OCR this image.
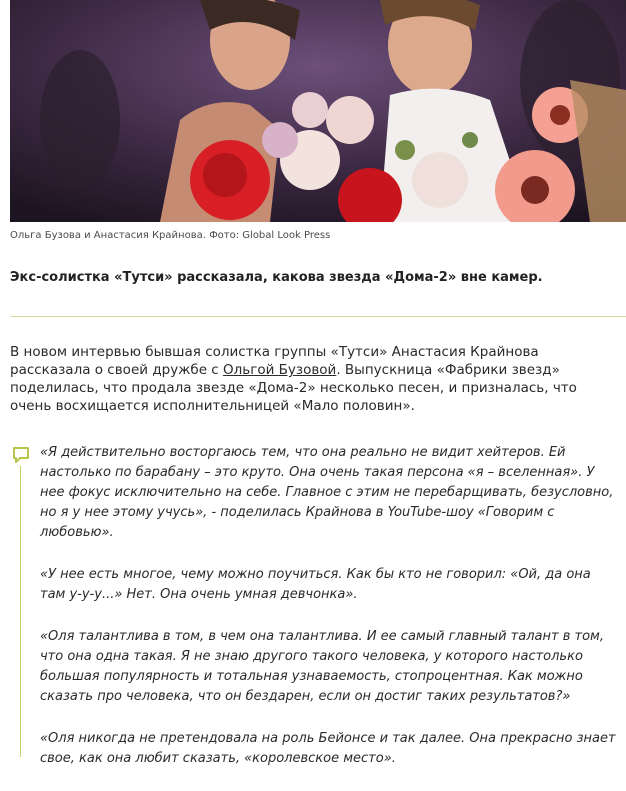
Ольга Бузова и Анастасия Крайнова. Фото: Global Look Press
Экс-солистка «Тутси» рассказала, какова звезда «Дома-2» вне камер.
В новом интервью бывшая солистка группы «Тутси» Анастасия Крайнова рассказала о своей дружбе с Ольгой Бузовой. Выпускница «Фабрики звезд» поделилась, что продала звезде «Дома-2» несколько песен, и призналась, что очень восхищается исполнительницей «Мало половин».

«Я действительно восторгаюсь тем, что она реально не видит хейтеров. Ей настолько по барабану – это круто. Она очень такая персона «я – вселенная». У нее фокус исключительно на себе. Главное с этим не перебарщивать, безусловно, но я у нее этому учусь», - поделилась Крайнова в YouTube-шоу «Говорим с любовью».

«У нее есть многое, чему можно поучиться. Как бы кто не говорил: «Ой, да она там у-у-у...» Нет. Она очень умная девчонка».

«Оля талантлива в том, в чем она талантлива. И ее самый главный талант в том, что она одна такая. Я не знаю другого такого человека, у которого настолько большая популярность и тотальная узнаваемость, стопроцентная. Как можно сказать про человека, что он бездарен, если он достиг таких результатов?»

«Оля никогда не претендовала на роль Бейонсе и так далее. Она прекрасно знает свое, как она любит сказать, «королевское место».
